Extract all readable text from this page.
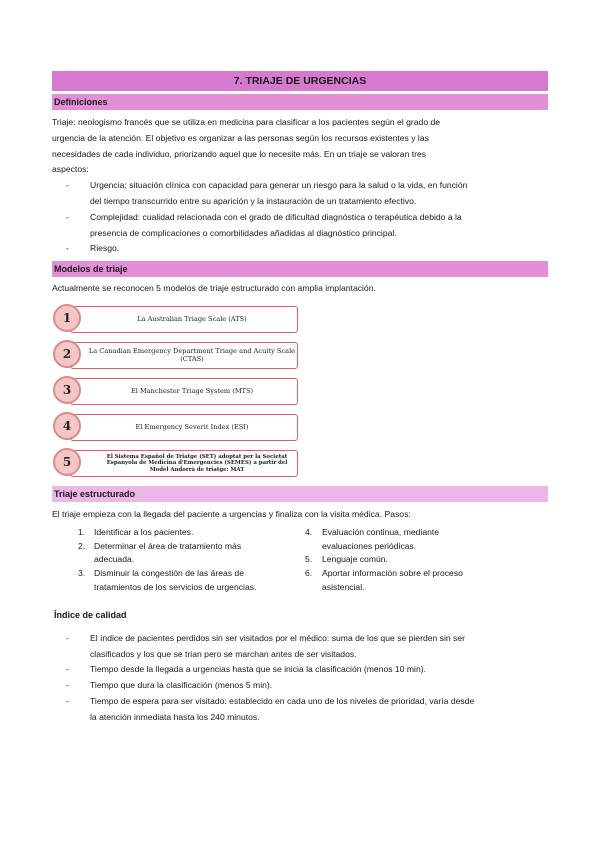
7. TRIAJE DE URGENCIAS
Definiciones

Triaje: neologismo francés que se utiliza en medicina para clasificar a los pacientes según el grado de

urgencia de la atención. El objetivo es organizar a las personas según los recursos existentes y las

necesidades de cada individuo, priorizando aquel que lo necesite más. En un triaje se valoran tres

aspectos:

- Urgencia: situación clínica con capacidad para generar un riesgo para la salud o la vida, en función
del tiempo transcurrido entre su aparición y la instauración de un tratamiento efectivo.
- Complejidad: cualidad relacionada con el grado de dificultad diagnóstica o terapéutica debido a la
presencia de complicaciones o comorbilidades añadidas al diagnóstico principal.
- Riesgo.
Modelos de triaje

Actualmente se reconocen 5 modelos de triaje estructurado con amplia implantación.

La Australian Triage Scale (ATS)
1
La Canadian Emergency Department Triage and Acuity Scale (CTAS)
2
El Manchester Triage System (MTS)
3
El Emergency Severit Index (ESI)
4
El Sistema Español de Triatge (SET) adoptat per la Societat Espanyola de Medicina d'Emergencies (SEMES) a partir del Model Andorrà de triatge: MAT
5
Triaje estructurado

El triaje empieza con la llegada del paciente a urgencias y finaliza con la visita médica. Pasos:

1. Identificar a los pacientes.
2. Determinar el área de tratamiento más
adecuada.
3. Disminuir la congestión de las áreas de
tratamientos de los servicios de urgencias.
4. Evaluación continua, mediante
evaluaciones periódicas.
5. Lenguaje común.
6. Aportar información sobre el proceso
asistencial.
Índice de calidad
- El índice de pacientes perdidos sin ser visitados por el médico: suma de los que se pierden sin ser
clasificados y los que se trian pero se marchan antes de ser visitados.
- Tiempo desde la llegada a urgencias hasta que se inicia la clasificación (menos 10 min).
- Tiempo que dura la clasificación (menos 5 min).
- Tiempo de espera para ser visitado: establecido en cada uno de los niveles de prioridad, varía desde
la atención inmediata hasta los 240 minutos.
